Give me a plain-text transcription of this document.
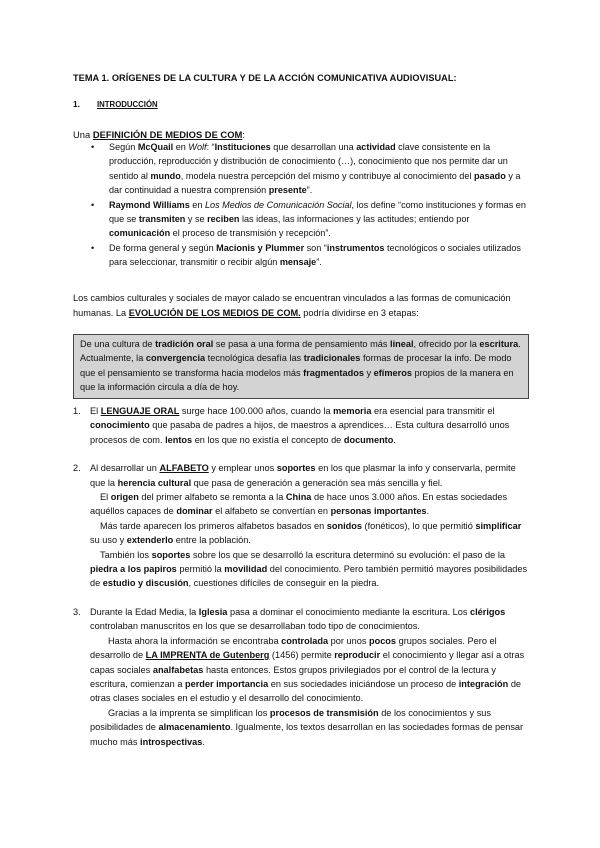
TEMA 1. ORÍGENES DE LA CULTURA Y DE LA ACCIÓN COMUNICATIVA AUDIOVISUAL:
1. INTRODUCCIÓN
Una DEFINICIÓN DE MEDIOS DE COM:
• Según McQuail en Wolf: “Instituciones que desarrollan una actividad clave consistente en la producción, reproducción y distribución de conocimiento (…), conocimiento que nos permite dar un sentido al mundo, modela nuestra percepción del mismo y contribuye al conocimiento del pasado y a dar continuidad a nuestra comprensión presente”.
• Raymond Williams en Los Medios de Comunicación Social, los define “como instituciones y formas en que se transmiten y se reciben las ideas, las informaciones y las actitudes; entiendo por comunicación el proceso de transmisión y recepción”.
• De forma general y según Macionis y Plummer son “instrumentos tecnológicos o sociales utilizados para seleccionar, transmitir o recibir algún mensaje”.
Los cambios culturales y sociales de mayor calado se encuentran vinculados a las formas de comunicación humanas. La EVOLUCIÓN DE LOS MEDIOS DE COM. podría dividirse en 3 etapas:
De una cultura de tradición oral se pasa a una forma de pensamiento más lineal, ofrecido por la escritura. Actualmente, la convergencia tecnológica desafía las tradicionales formas de procesar la info. De modo que el pensamiento se transforma hacia modelos más fragmentados y efímeros propios de la manera en que la información circula a día de hoy.
1. El LENGUAJE ORAL surge hace 100.000 años, cuando la memoria era esencial para transmitir el conocimiento que pasaba de padres a hijos, de maestros a aprendices… Esta cultura desarrolló unos procesos de com. lentos en los que no existía el concepto de documento.
2. Al desarrollar un ALFABETO y emplear unos soportes en los que plasmar la info y conservarla, permite que la herencia cultural que pasa de generación a generación sea más sencilla y fiel.
El origen del primer alfabeto se remonta a la China de hace unos 3.000 años. En estas sociedades aquéllos capaces de dominar el alfabeto se convertían en personas importantes.
Más tarde aparecen los primeros alfabetos basados en sonidos (fonéticos), lo que permitió simplificar su uso y extenderlo entre la población.
También los soportes sobre los que se desarrolló la escritura determinó su evolución: el paso de la piedra a los papiros permitió la movilidad del conocimiento. Pero también permitió mayores posibilidades de estudio y discusión, cuestiones difíciles de conseguir en la piedra.
3. Durante la Edad Media, la Iglesia pasa a dominar el conocimiento mediante la escritura. Los clérigos controlaban manuscritos en los que se desarrollaban todo tipo de conocimientos.
Hasta ahora la información se encontraba controlada por unos pocos grupos sociales. Pero el desarrollo de LA IMPRENTA de Gutenberg (1456) permite reproducir el conocimiento y llegar así a otras capas sociales analfabetas hasta entonces. Estos grupos privilegiados por el control de la lectura y escritura, comienzan a perder importancia en sus sociedades iniciándose un proceso de integración de otras clases sociales en el estudio y el desarrollo del conocimiento.
Gracias a la imprenta se simplifican los procesos de transmisión de los conocimientos y sus posibilidades de almacenamiento. Igualmente, los textos desarrollan en las sociedades formas de pensar mucho más introspectivas.
